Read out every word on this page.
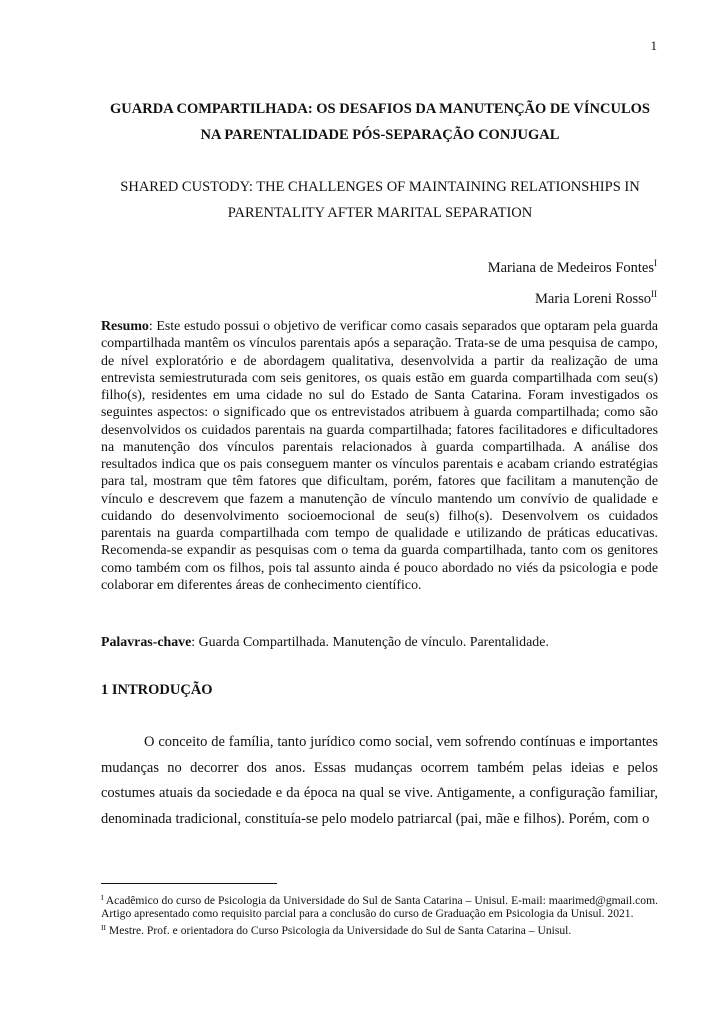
1
GUARDA COMPARTILHADA: OS DESAFIOS DA MANUTENÇÃO DE VÍNCULOS
NA PARENTALIDADE PÓS-SEPARAÇÃO CONJUGAL
SHARED CUSTODY: THE CHALLENGES OF MAINTAINING RELATIONSHIPS IN
PARENTALITY AFTER MARITAL SEPARATION
Mariana de Medeiros Fontes$^I$
Maria Loreni Rosso$^{II}$
Resumo: Este estudo possui o objetivo de verificar como casais separados que optaram pela guarda compartilhada mantêm os vínculos parentais após a separação. Trata-se de uma pesquisa de campo, de nível exploratório e de abordagem qualitativa, desenvolvida a partir da realização de uma entrevista semiestruturada com seis genitores, os quais estão em guarda compartilhada com seu(s) filho(s), residentes em uma cidade no sul do Estado de Santa Catarina. Foram investigados os seguintes aspectos: o significado que os entrevistados atribuem à guarda compartilhada; como são desenvolvidos os cuidados parentais na guarda compartilhada; fatores facilitadores e dificultadores na manutenção dos vínculos parentais relacionados à guarda compartilhada. A análise dos resultados indica que os pais conseguem manter os vínculos parentais e acabam criando estratégias para tal, mostram que têm fatores que dificultam, porém, fatores que facilitam a manutenção de vínculo e descrevem que fazem a manutenção de vínculo mantendo um convívio de qualidade e cuidando do desenvolvimento socioemocional de seu(s) filho(s). Desenvolvem os cuidados parentais na guarda compartilhada com tempo de qualidade e utilizando de práticas educativas. Recomenda-se expandir as pesquisas com o tema da guarda compartilhada, tanto com os genitores como também com os filhos, pois tal assunto ainda é pouco abordado no viés da psicologia e pode colaborar em diferentes áreas de conhecimento científico.
Palavras-chave: Guarda Compartilhada. Manutenção de vínculo. Parentalidade.
1 INTRODUÇÃO
O conceito de família, tanto jurídico como social, vem sofrendo contínuas e importantes mudanças no decorrer dos anos. Essas mudanças ocorrem também pelas ideias e pelos costumes atuais da sociedade e da época na qual se vive. Antigamente, a configuração familiar, denominada tradicional, constituía-se pelo modelo patriarcal (pai, mãe e filhos). Porém, com o

$^I$ Acadêmico do curso de Psicologia da Universidade do Sul de Santa Catarina – Unisul. E-mail: maarimed@gmail.com. Artigo apresentado como requisito parcial para a conclusão do curso de Graduação em Psicologia da Unisul. 2021.

$^{II}$ Mestre. Prof. e orientadora do Curso Psicologia da Universidade do Sul de Santa Catarina – Unisul.
